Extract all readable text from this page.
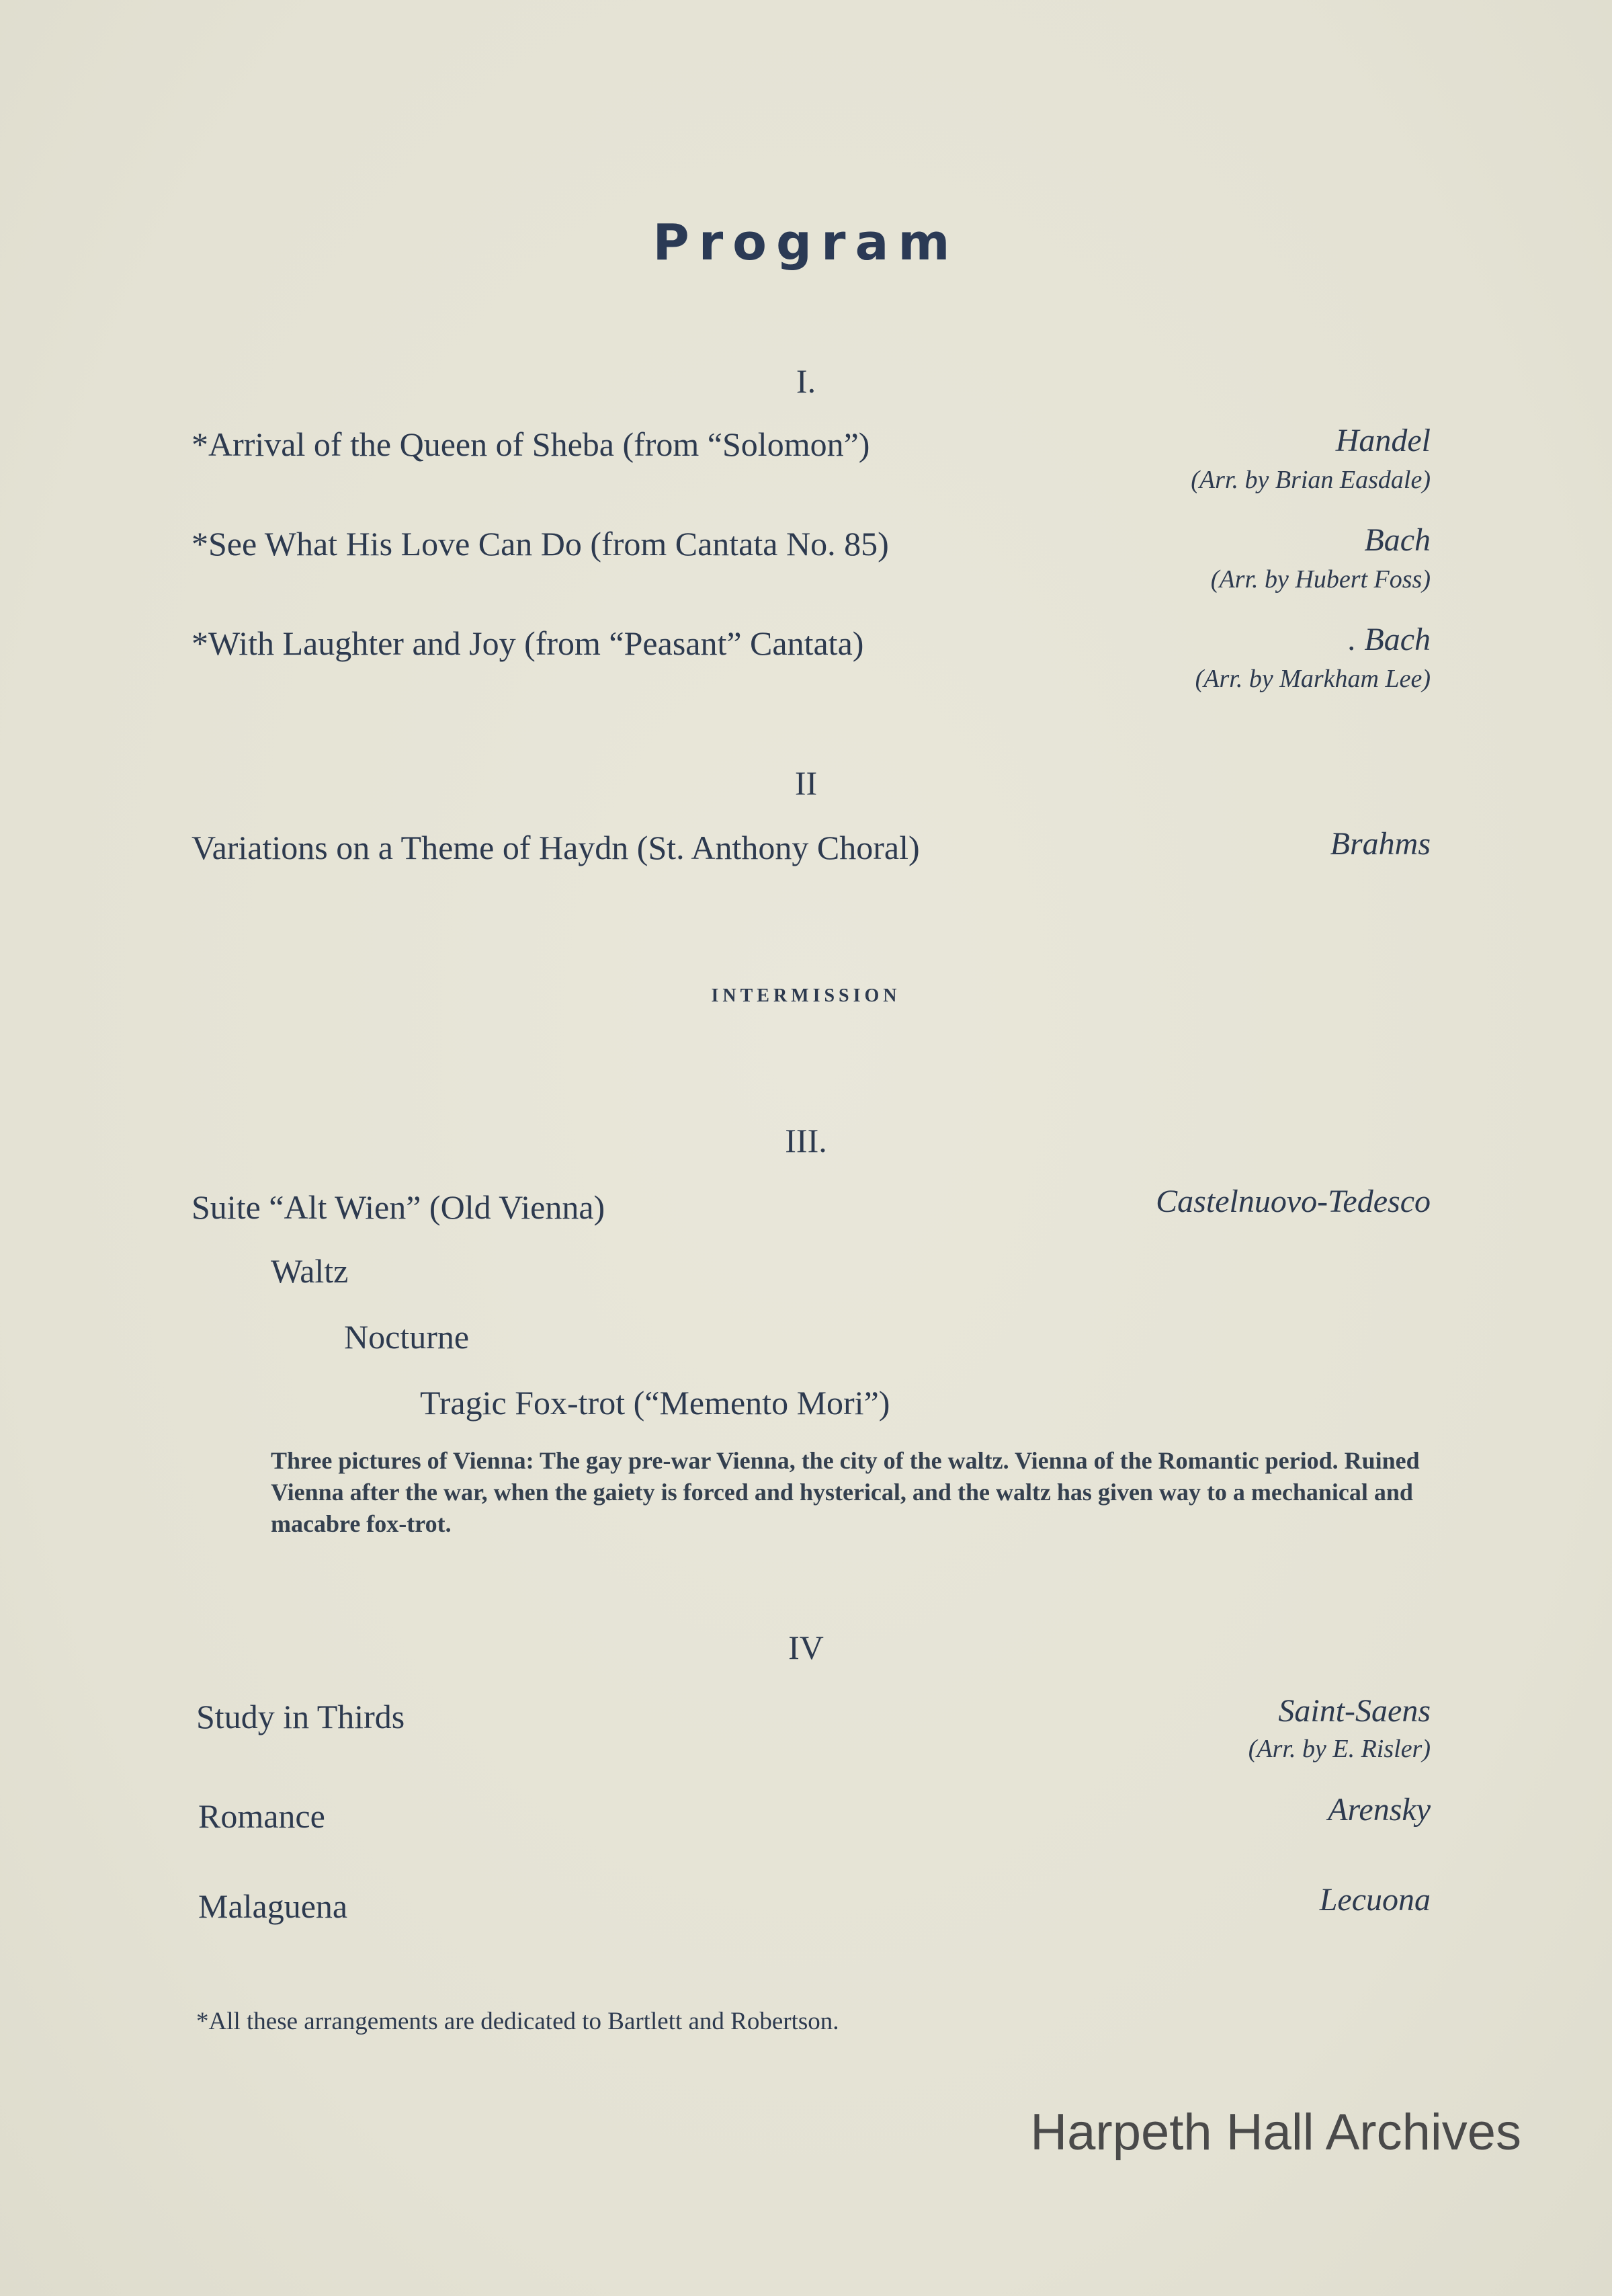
Program
I.
*Arrival of the Queen of Sheba (from “Solomon”)	Handel
(Arr. by Brian Easdale)
*See What His Love Can Do (from Cantata No. 85)	Bach
(Arr. by Hubert Foss)
*With Laughter and Joy (from “Peasant” Cantata)	. Bach
(Arr. by Markham Lee)
II
Variations on a Theme of Haydn (St. Anthony Choral)	Brahms
INTERMISSION
III.
Suite “Alt Wien” (Old Vienna)	Castelnuovo-Tedesco
Waltz
Nocturne
Tragic Fox-trot (“Memento Mori”)
Three pictures of Vienna: The gay pre-war Vienna, the city of the waltz. Vienna of the Romantic period. Ruined Vienna after the war, when the gaiety is forced and hysterical, and the waltz has given way to a mechanical and macabre fox-trot.
IV
Study in Thirds	Saint-Saens
(Arr. by E. Risler)
Romance	Arensky
Malaguena	Lecuona
*All these arrangements are dedicated to Bartlett and Robertson.
Harpeth Hall Archives
